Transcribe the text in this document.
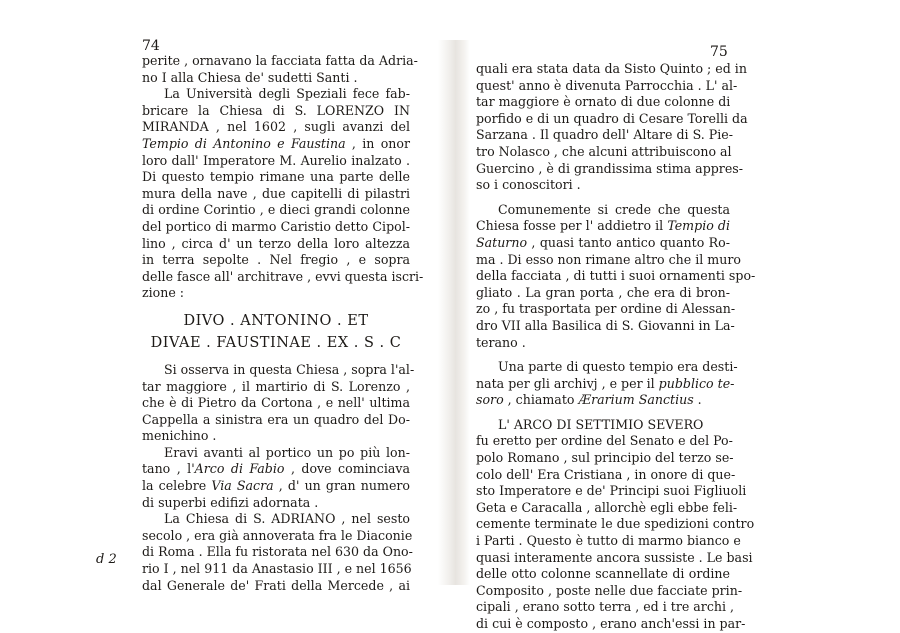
74
perite , ornavano la facciata fatta da Adria-
no I alla Chiesa de' sudetti Santi .
La Università degli Speziali fece fab-
bricare la Chiesa di S. LORENZO IN
MIRANDA , nel 1602 , sugli avanzi del
Tempio di Antonino e Faustina , in onor
loro dall' Imperatore M. Aurelio inalzato .
Di questo tempio rimane una parte delle
mura della nave , due capitelli di pilastri
di ordine Corintio , e dieci grandi colonne
del portico di marmo Caristio detto Cipol-
lino , circa d' un terzo della loro altezza
in terra sepolte . Nel fregio , e sopra
delle fasce all' architrave , evvi questa iscri-
zione :
DIVO . ANTONINO . ET
DIVAE . FAUSTINAE . EX . S . C
Si osserva in questa Chiesa , sopra l'al-
tar maggiore , il martirio di S. Lorenzo ,
che è di Pietro da Cortona , e nell' ultima
Cappella a sinistra era un quadro del Do-
menichino .
Eravi avanti al portico un po più lon-
tano , l'Arco di Fabio , dove cominciava
la celebre Via Sacra , d' un gran numero
di superbi edifizi adornata .
La Chiesa di S. ADRIANO , nel sesto
secolo , era già annoverata fra le Diaconie
di Roma . Ella fu ristorata nel 630 da Ono-
rio I , nel 911 da Anastasio III , e nel 1656
dal Generale de' Frati della Mercede , ai
75
quali era stata data da Sisto Quinto ; ed in
quest' anno è divenuta Parrocchia . L' al-
tar maggiore è ornato di due colonne di
porfido e di un quadro di Cesare Torelli da
Sarzana . Il quadro dell' Altare di S. Pie-
tro Nolasco , che alcuni attribuiscono al
Guercino , è di grandissima stima appres-
so i conoscitori .
Comunemente si crede che questa
Chiesa fosse per l' addietro il Tempio di
Saturno , quasi tanto antico quanto Ro-
ma . Di esso non rimane altro che il muro
della facciata , di tutti i suoi ornamenti spo-
gliato . La gran porta , che era di bron-
zo , fu trasportata per ordine di Alessan-
dro VII alla Basilica di S. Giovanni in La-
terano .
Una parte di questo tempio era desti-
nata per gli archivj , e per il pubblico te-
soro , chiamato Ærarium Sanctius .
L' ARCO DI SETTIMIO SEVERO
fu eretto per ordine del Senato e del Po-
polo Romano , sul principio del terzo se-
colo dell' Era Cristiana , in onore di que-
sto Imperatore e de' Principi suoi Figliuoli
Geta e Caracalla , allorchè egli ebbe feli-
cemente terminate le due spedizioni contro
i Parti . Questo è tutto di marmo bianco e
quasi interamente ancora sussiste . Le basi
delle otto colonne scannellate di ordine
Composito , poste nelle due facciate prin-
cipali , erano sotto terra , ed i tre archi ,
di cui è composto , erano anch'essi in par-
d 2
